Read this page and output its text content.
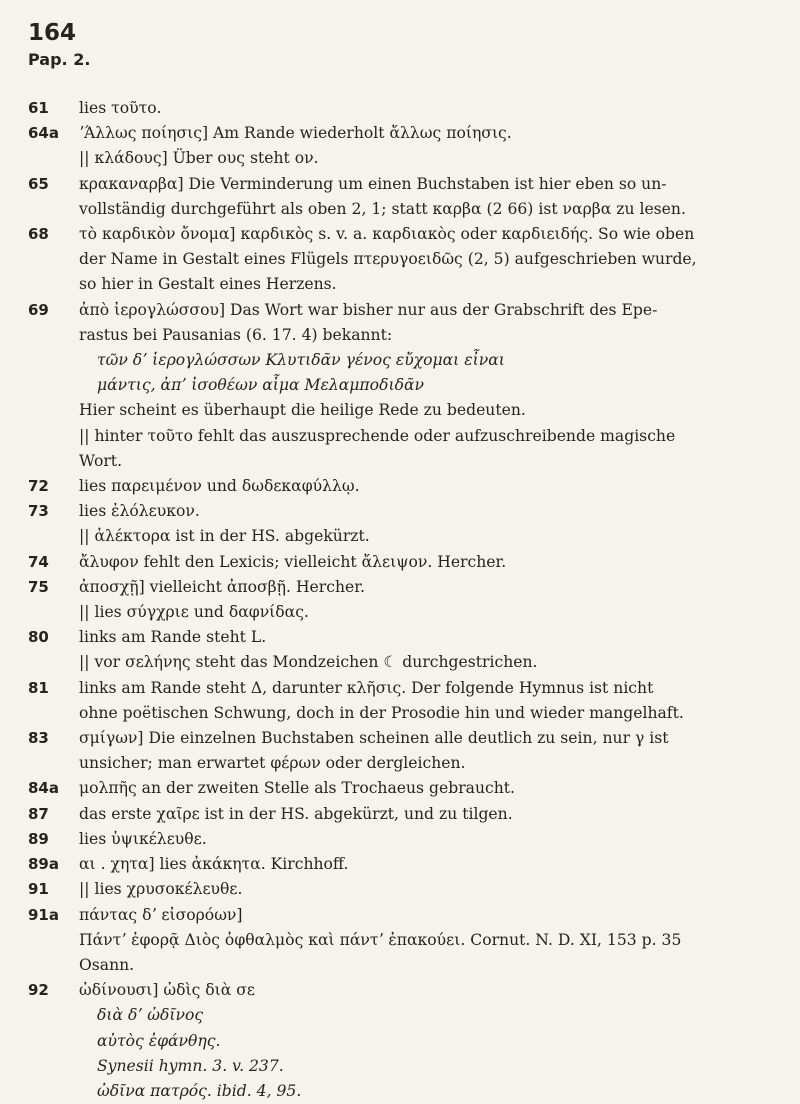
164
Pap. 2.
61	lies τοῦτο.
64a	ʼΆλλως ποίησις] Am Rande wiederholt ἄλλως ποίησις.
|| κλάδους] Über ους steht ον.
65	κρακαναρβα] Die Verminderung um einen Buchstaben ist hier eben so un-
vollständig durchgeführt als oben 2, 1; statt καρβα (2 66) ist ναρβα zu lesen.
68	τὸ καρδικὸν ὄνομα] καρδικὸς s. v. a. καρδιακὸς oder καρδιειδής. So wie oben
der Name in Gestalt eines Flügels πτερυγοειδῶς (2, 5) aufgeschrieben wurde,
so hier in Gestalt eines Herzens.
69	ἀπὸ ἱερογλώσσου] Das Wort war bisher nur aus der Grabschrift des Epe-
rastus bei Pausanias (6. 17. 4) bekannt:
τῶν δʼ ἱερογλώσσων Κλυτιδᾶν γένος εὔχομαι εἶναι
μάντις, ἀπʼ ἰσοθέων αἷμα Μελαμποδιδᾶν
Hier scheint es überhaupt die heilige Rede zu bedeuten.
|| hinter τοῦτο fehlt das auszusprechende oder aufzuschreibende magische
Wort.
72	lies παρειμένον und δωδεκαφύλλῳ.
73	lies ἐλόλευκον.
|| ἀλέκτορα ist in der HS. abgekürzt.
74	ἄλυφον fehlt den Lexicis; vielleicht ἄλειψον. Hercher.
75	ἀποσχῇ] vielleicht ἀποσβῇ. Hercher.
|| lies σύγχριε und δαφνίδας.
80	links am Rande steht L.
|| vor σελήνης steht das Mondzeichen ☾ durchgestrichen.
81	links am Rande steht Δ, darunter κλῆσις. Der folgende Hymnus ist nicht
ohne poëtischen Schwung, doch in der Prosodie hin und wieder mangelhaft.
83	σμίγων] Die einzelnen Buchstaben scheinen alle deutlich zu sein, nur γ ist
unsicher; man erwartet φέρων oder dergleichen.
84a	μολπῆς an der zweiten Stelle als Trochaeus gebraucht.
87	das erste χαῖρε ist in der HS. abgekürzt, und zu tilgen.
89	lies ὑψικέλευθε.
89a	αι . χητα] lies ἀκάκητα. Kirchhoff.
91	|| lies χρυσοκέλευθε.
91a	πάντας δʼ εἰσορόων]
Πάντʼ ἐφορᾷ Διὸς ὀφθαλμὸς καὶ πάντʼ ἐπακούει. Cornut. N. D. XI, 153 p. 35
Osann.
92	ὠδίνουσι] ὠδὶς διὰ σε
διὰ δʼ ὠδῖνος
αὐτὸς ἐφάνθης.
Synesii hymn. 3. v. 237.
ὠδῖνα πατρός. ibid. 4, 95.
